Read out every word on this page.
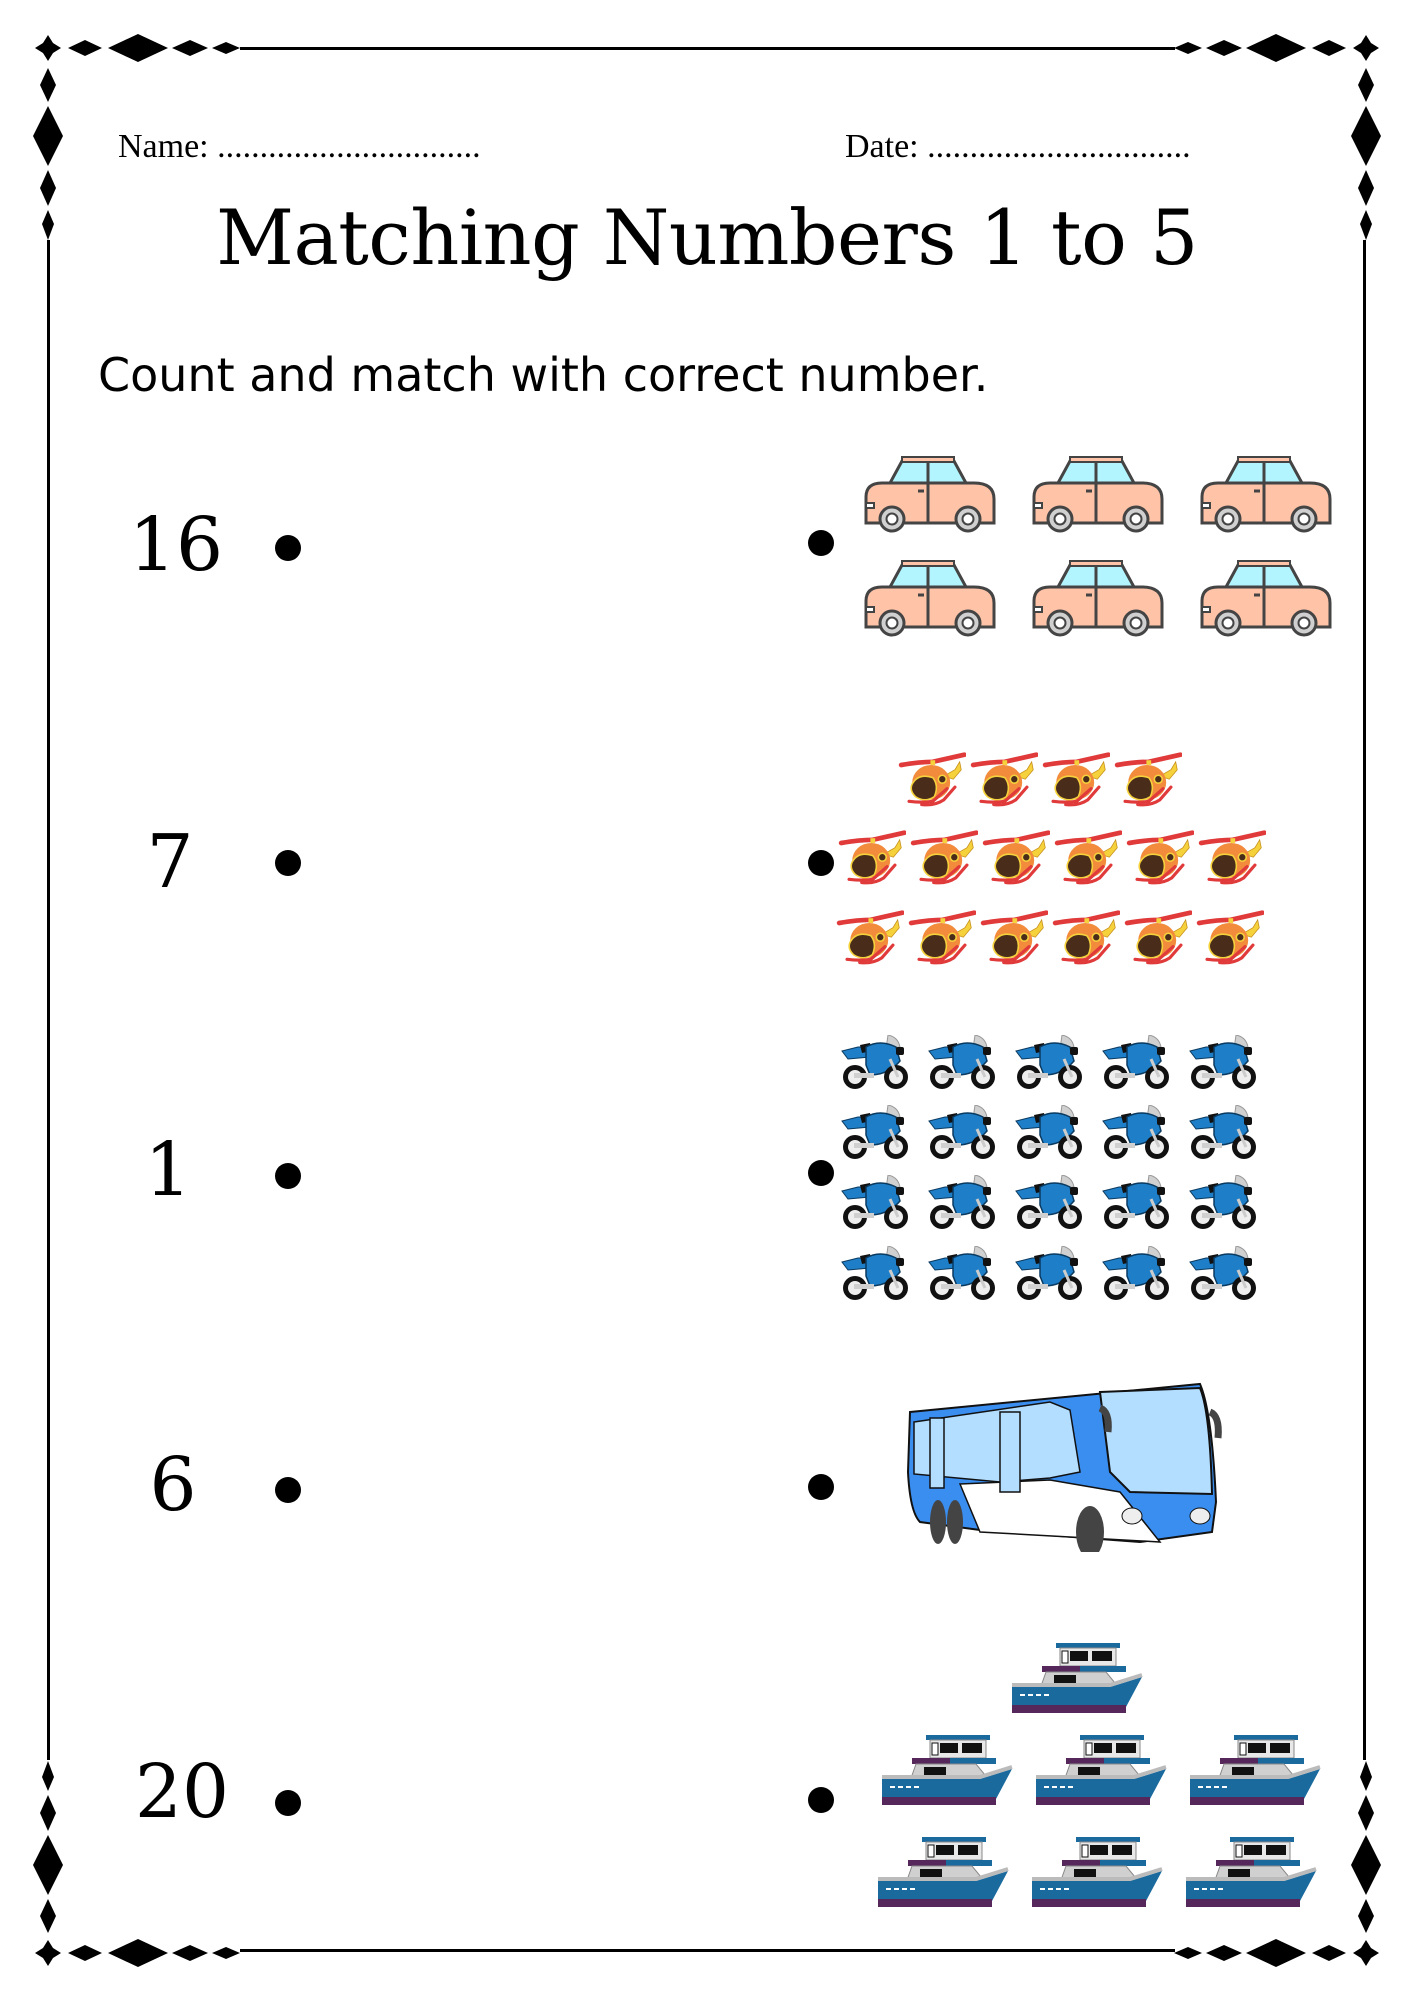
Name: ...............................	Date: ...............................
Matching Numbers 1 to 5
Count and match with correct number.
16
7
1
6
20
